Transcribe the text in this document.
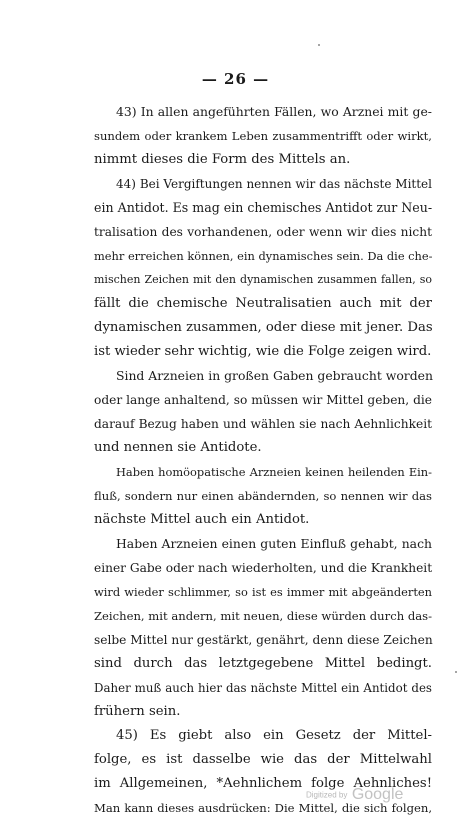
— 26 —
43) In allen angeführten Fällen, wo Arznei mit ge-
sundem oder krankem Leben zusammentrifft oder wirkt,
nimmt dieses die Form des Mittels an.
44) Bei Vergiftungen nennen wir das nächste Mittel
ein Antidot. Es mag ein chemisches Antidot zur Neu-
tralisation des vorhandenen, oder wenn wir dies nicht
mehr erreichen können, ein dynamisches sein. Da die che-
mischen Zeichen mit den dynamischen zusammen fallen, so
fällt die chemische Neutralisatien auch mit der
dynamischen zusammen, oder diese mit jener. Das
ist wieder sehr wichtig, wie die Folge zeigen wird.
Sind Arzneien in großen Gaben gebraucht worden
oder lange anhaltend, so müssen wir Mittel geben, die
darauf Bezug haben und wählen sie nach Aehnlichkeit
und nennen sie Antidote.
Haben homöopatische Arzneien keinen heilenden Ein-
fluß, sondern nur einen abändernden, so nennen wir das
nächste Mittel auch ein Antidot.
Haben Arzneien einen guten Einfluß gehabt, nach
einer Gabe oder nach wiederholten, und die Krankheit
wird wieder schlimmer, so ist es immer mit abgeänderten
Zeichen, mit andern, mit neuen, diese würden durch das-
selbe Mittel nur gestärkt, genährt, denn diese Zeichen
sind durch das letztgegebene Mittel bedingt.
Daher muß auch hier das nächste Mittel ein Antidot des
frühern sein.
45) Es giebt also ein Gesetz der Mittel-
folge, es ist dasselbe wie das der Mittelwahl
im Allgemeinen, *Aehnlichem folge Aehnliches!
Man kann dieses ausdrücken: Die Mittel, die sich folgen,
Digitized by Google
